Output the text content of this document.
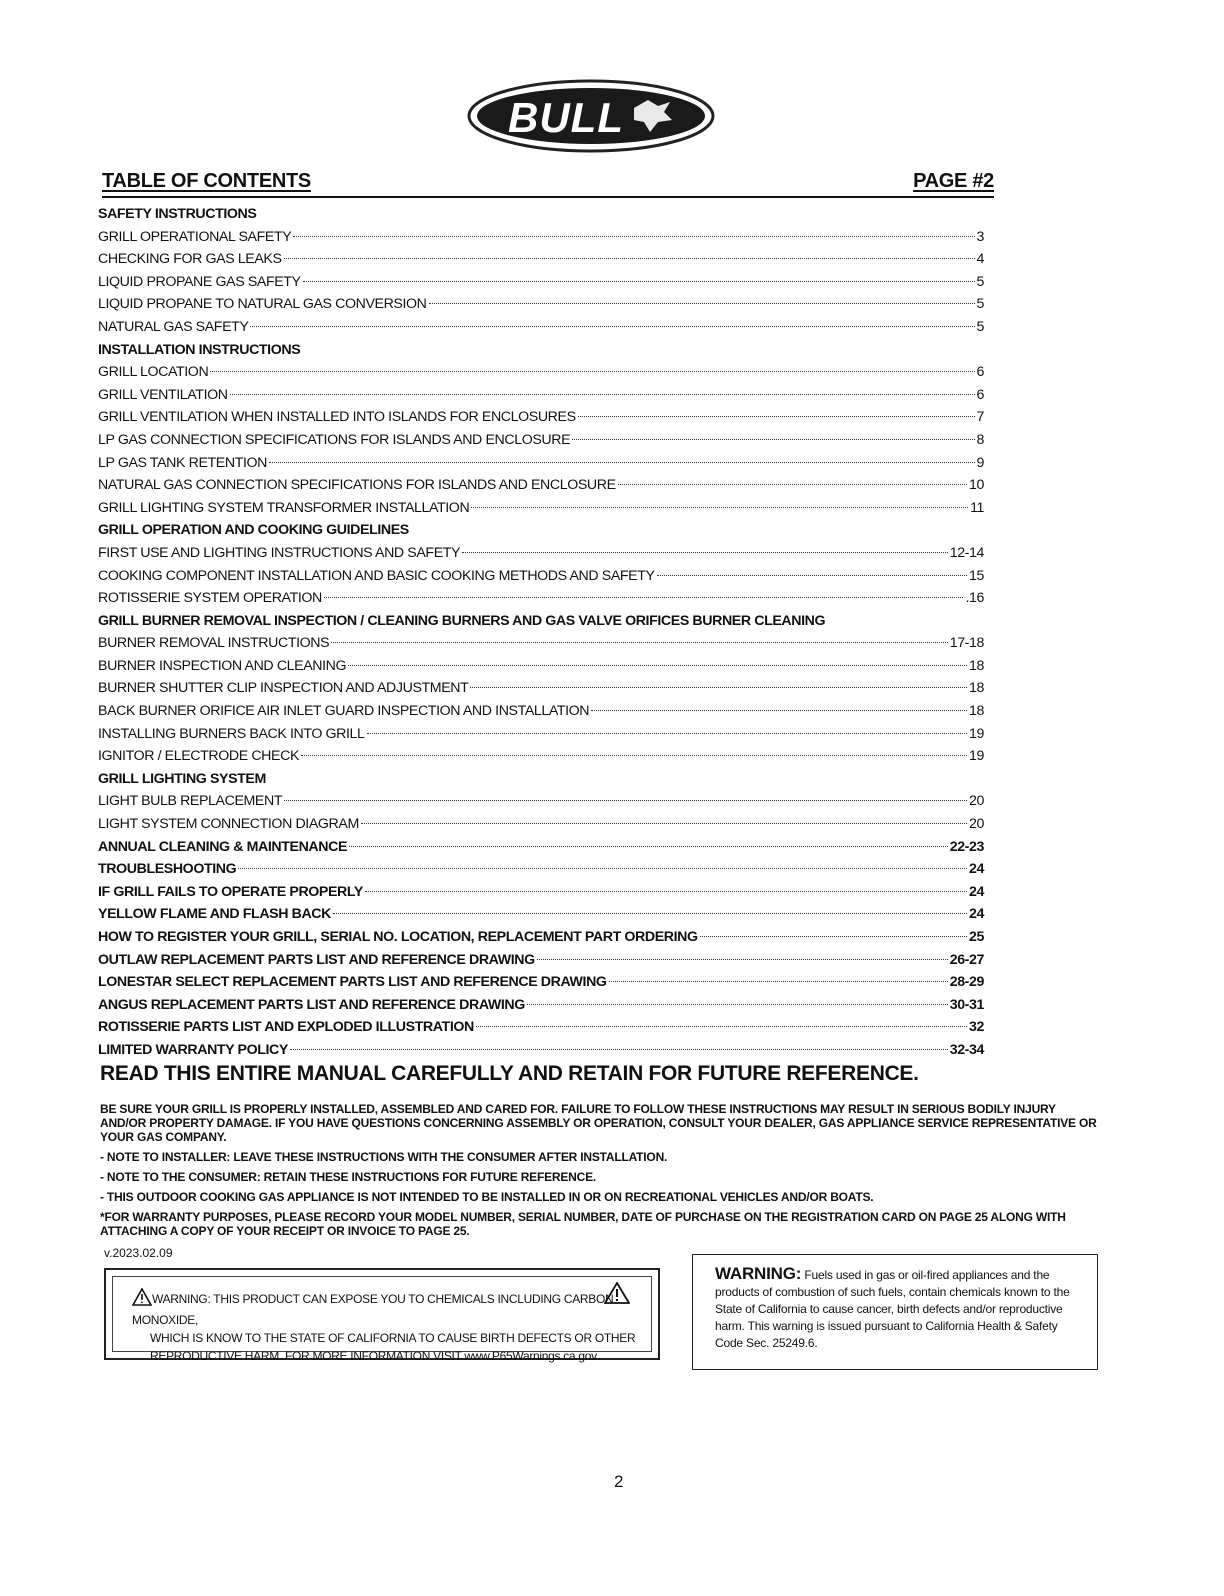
BULL
TABLE OF CONTENTS	PAGE #2
SAFETY INSTRUCTIONS
GRILL OPERATIONAL SAFETY	3
CHECKING FOR GAS LEAKS	4
LIQUID PROPANE GAS SAFETY	5
LIQUID PROPANE TO NATURAL GAS CONVERSION	5
NATURAL GAS SAFETY	5
INSTALLATION INSTRUCTIONS
GRILL LOCATION	6
GRILL VENTILATION	6
GRILL VENTILATION WHEN INSTALLED INTO ISLANDS FOR ENCLOSURES	7
LP GAS CONNECTION SPECIFICATIONS FOR ISLANDS AND ENCLOSURE	8
LP GAS TANK RETENTION	9
NATURAL GAS CONNECTION SPECIFICATIONS FOR ISLANDS AND ENCLOSURE	10
GRILL LIGHTING SYSTEM TRANSFORMER INSTALLATION	11
GRILL OPERATION AND COOKING GUIDELINES
FIRST USE AND LIGHTING INSTRUCTIONS AND SAFETY	12-14
COOKING COMPONENT INSTALLATION AND BASIC COOKING METHODS AND SAFETY	15
ROTISSERIE SYSTEM OPERATION	.16
GRILL BURNER REMOVAL INSPECTION / CLEANING BURNERS AND GAS VALVE ORIFICES BURNER CLEANING
BURNER REMOVAL INSTRUCTIONS	17-18
BURNER INSPECTION AND CLEANING	18
BURNER SHUTTER CLIP INSPECTION AND ADJUSTMENT	18
BACK BURNER ORIFICE AIR INLET GUARD INSPECTION AND INSTALLATION	18
INSTALLING BURNERS BACK INTO GRILL	19
IGNITOR / ELECTRODE CHECK	19
GRILL LIGHTING SYSTEM
LIGHT BULB REPLACEMENT	20
LIGHT SYSTEM CONNECTION DIAGRAM	20
ANNUAL CLEANING & MAINTENANCE	22-23
TROUBLESHOOTING	24
IF GRILL FAILS TO OPERATE PROPERLY	24
YELLOW FLAME AND FLASH BACK	24
HOW TO REGISTER YOUR GRILL, SERIAL NO. LOCATION, REPLACEMENT PART ORDERING	25
OUTLAW REPLACEMENT PARTS LIST AND REFERENCE DRAWING	26-27
LONESTAR SELECT REPLACEMENT PARTS LIST AND REFERENCE DRAWING	28-29
ANGUS REPLACEMENT PARTS LIST AND REFERENCE DRAWING	30-31
ROTISSERIE PARTS LIST AND EXPLODED ILLUSTRATION	32
LIMITED WARRANTY POLICY	32-34
READ THIS ENTIRE MANUAL CAREFULLY AND RETAIN FOR FUTURE REFERENCE.

BE SURE YOUR GRILL IS PROPERLY INSTALLED, ASSEMBLED AND CARED FOR. FAILURE TO FOLLOW THESE INSTRUCTIONS MAY RESULT IN SERIOUS BODILY INJURY AND/OR PROPERTY DAMAGE. IF YOU HAVE QUESTIONS CONCERNING ASSEMBLY OR OPERATION, CONSULT YOUR DEALER, GAS APPLIANCE SERVICE REPRESENTATIVE OR YOUR GAS COMPANY.

- NOTE TO INSTALLER: LEAVE THESE INSTRUCTIONS WITH THE CONSUMER AFTER INSTALLATION.

- NOTE TO THE CONSUMER: RETAIN THESE INSTRUCTIONS FOR FUTURE REFERENCE.

- THIS OUTDOOR COOKING GAS APPLIANCE IS NOT INTENDED TO BE INSTALLED IN OR ON RECREATIONAL VEHICLES AND/OR BOATS.

*FOR WARRANTY PURPOSES, PLEASE RECORD YOUR MODEL NUMBER, SERIAL NUMBER, DATE OF PURCHASE ON THE REGISTRATION CARD ON PAGE 25 ALONG WITH ATTACHING A COPY OF YOUR RECEIPT OR INVOICE TO PAGE 25.

v.2023.02.09
WARNING: THIS PRODUCT CAN EXPOSE YOU TO CHEMICALS INCLUDING CARBON MONOXIDE,
WHICH IS KNOW TO THE STATE OF CALIFORNIA TO CAUSE BIRTH DEFECTS OR OTHER
REPRODUCTIVE HARM. FOR MORE INFORMATION VISIT www.P65Warnings.ca.gov
WARNING: Fuels used in gas or oil-fired appliances and the products of combustion of such fuels, contain chemicals known to the State of California to cause cancer, birth defects and/or reproductive harm. This warning is issued pursuant to California Health & Safety Code Sec. 25249.6.
2
